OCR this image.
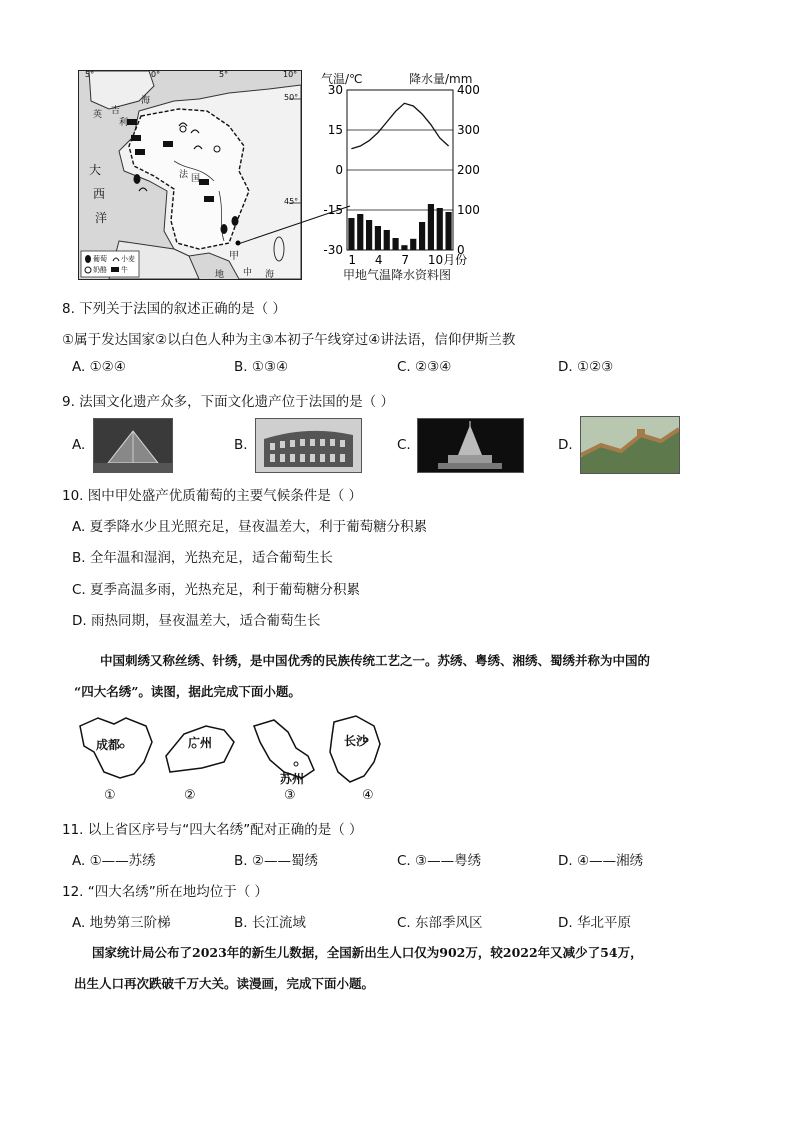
5°	0°	5°	10°
50°
45°
英 吉
利
海
大
西
洋
法 国
甲
地 中 海
葡萄 小麦
奶酪 牛
气温/℃	降水量/mm
30
15
0
-15
-30
400
300
200
100
0
1 4 7 10月份
甲地气温降水资料图
8. 下列关于法国的叙述正确的是（ ）
①属于发达国家②以白色人种为主③本初子午线穿过④讲法语，信仰伊斯兰教
A. ①②④	B. ①③④	C. ②③④	D. ①②③
9. 法国文化遗产众多，下面文化遗产位于法国的是（ ）
A.	B.	C.	D.
10. 图中甲处盛产优质葡萄的主要气候条件是（ ）
A. 夏季降水少且光照充足，昼夜温差大，利于葡萄糖分积累
B. 全年温和湿润，光热充足，适合葡萄生长
C. 夏季高温多雨，光热充足，利于葡萄糖分积累
D. 雨热同期，昼夜温差大，适合葡萄生长
中国刺绣又称丝绣、针绣，是中国优秀的民族传统工艺之一。苏绣、粤绣、湘绣、蜀绣并称为中国的
“四大名绣”。读图，据此完成下面小题。
成都	广州
苏州
长沙
①	②	③	④
11. 以上省区序号与“四大名绣”配对正确的是（ ）
A. ①——苏绣	B. ②——蜀绣	C. ③——粤绣	D. ④——湘绣
12. “四大名绣”所在地均位于（ ）
A. 地势第三阶梯	B. 长江流域	C. 东部季风区	D. 华北平原
国家统计局公布了2023年的新生儿数据，全国新出生人口仅为902万，较2022年又减少了54万，
出生人口再次跌破千万大关。读漫画，完成下面小题。
